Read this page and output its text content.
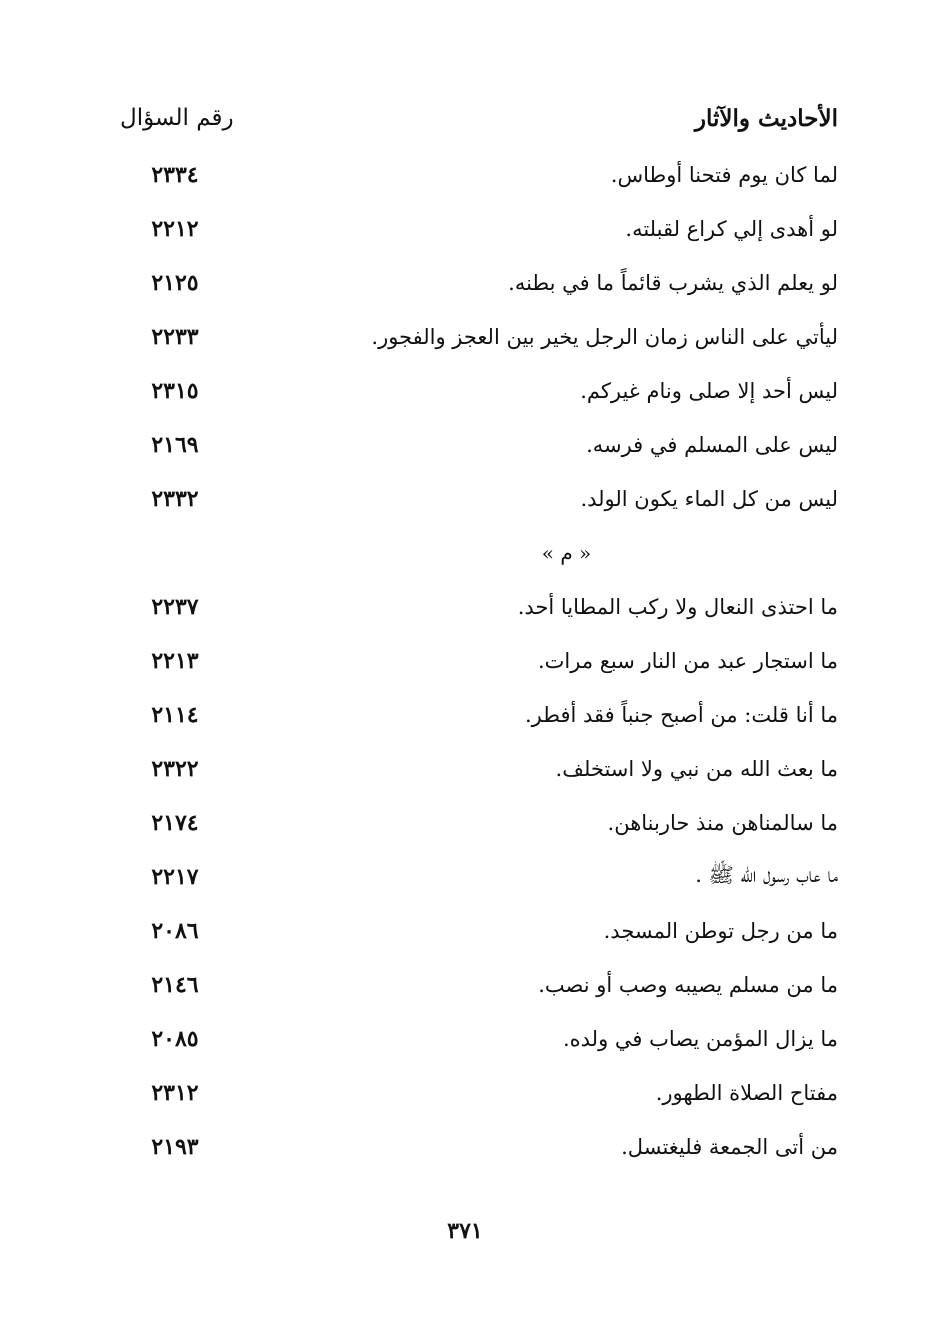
الأحاديث والآثار
رقم السؤال
لما كان يوم فتحنا أوطاس.
٢٣٣٤
لو أهدى إلي كراع لقبلته.
٢٢١٢
لو يعلم الذي يشرب قائماً ما في بطنه.
٢١٢٥
ليأتي على الناس زمان الرجل يخير بين العجز والفجور.
٢٢٣٣
ليس أحد إلا صلى ونام غيركم.
٢٣١٥
ليس على المسلم في فرسه.
٢١٦٩
ليس من كل الماء يكون الولد.
٢٣٣٢
« م »
ما احتذى النعال ولا ركب المطايا أحد.
٢٢٣٧
ما استجار عبد من النار سبع مرات.
٢٢١٣
ما أنا قلت: من أصبح جنباً فقد أفطر.
٢١١٤
ما بعث الله من نبي ولا استخلف.
٢٣٢٢
ما سالمناهن منذ حاربناهن.
٢١٧٤
ما عاب رسول الله ﷺ .
٢٢١٧
ما من رجل توطن المسجد.
٢٠٨٦
ما من مسلم يصيبه وصب أو نصب.
٢١٤٦
ما يزال المؤمن يصاب في ولده.
٢٠٨٥
مفتاح الصلاة الطهور.
٢٣١٢
من أتى الجمعة فليغتسل.
٢١٩٣
٣٧١
